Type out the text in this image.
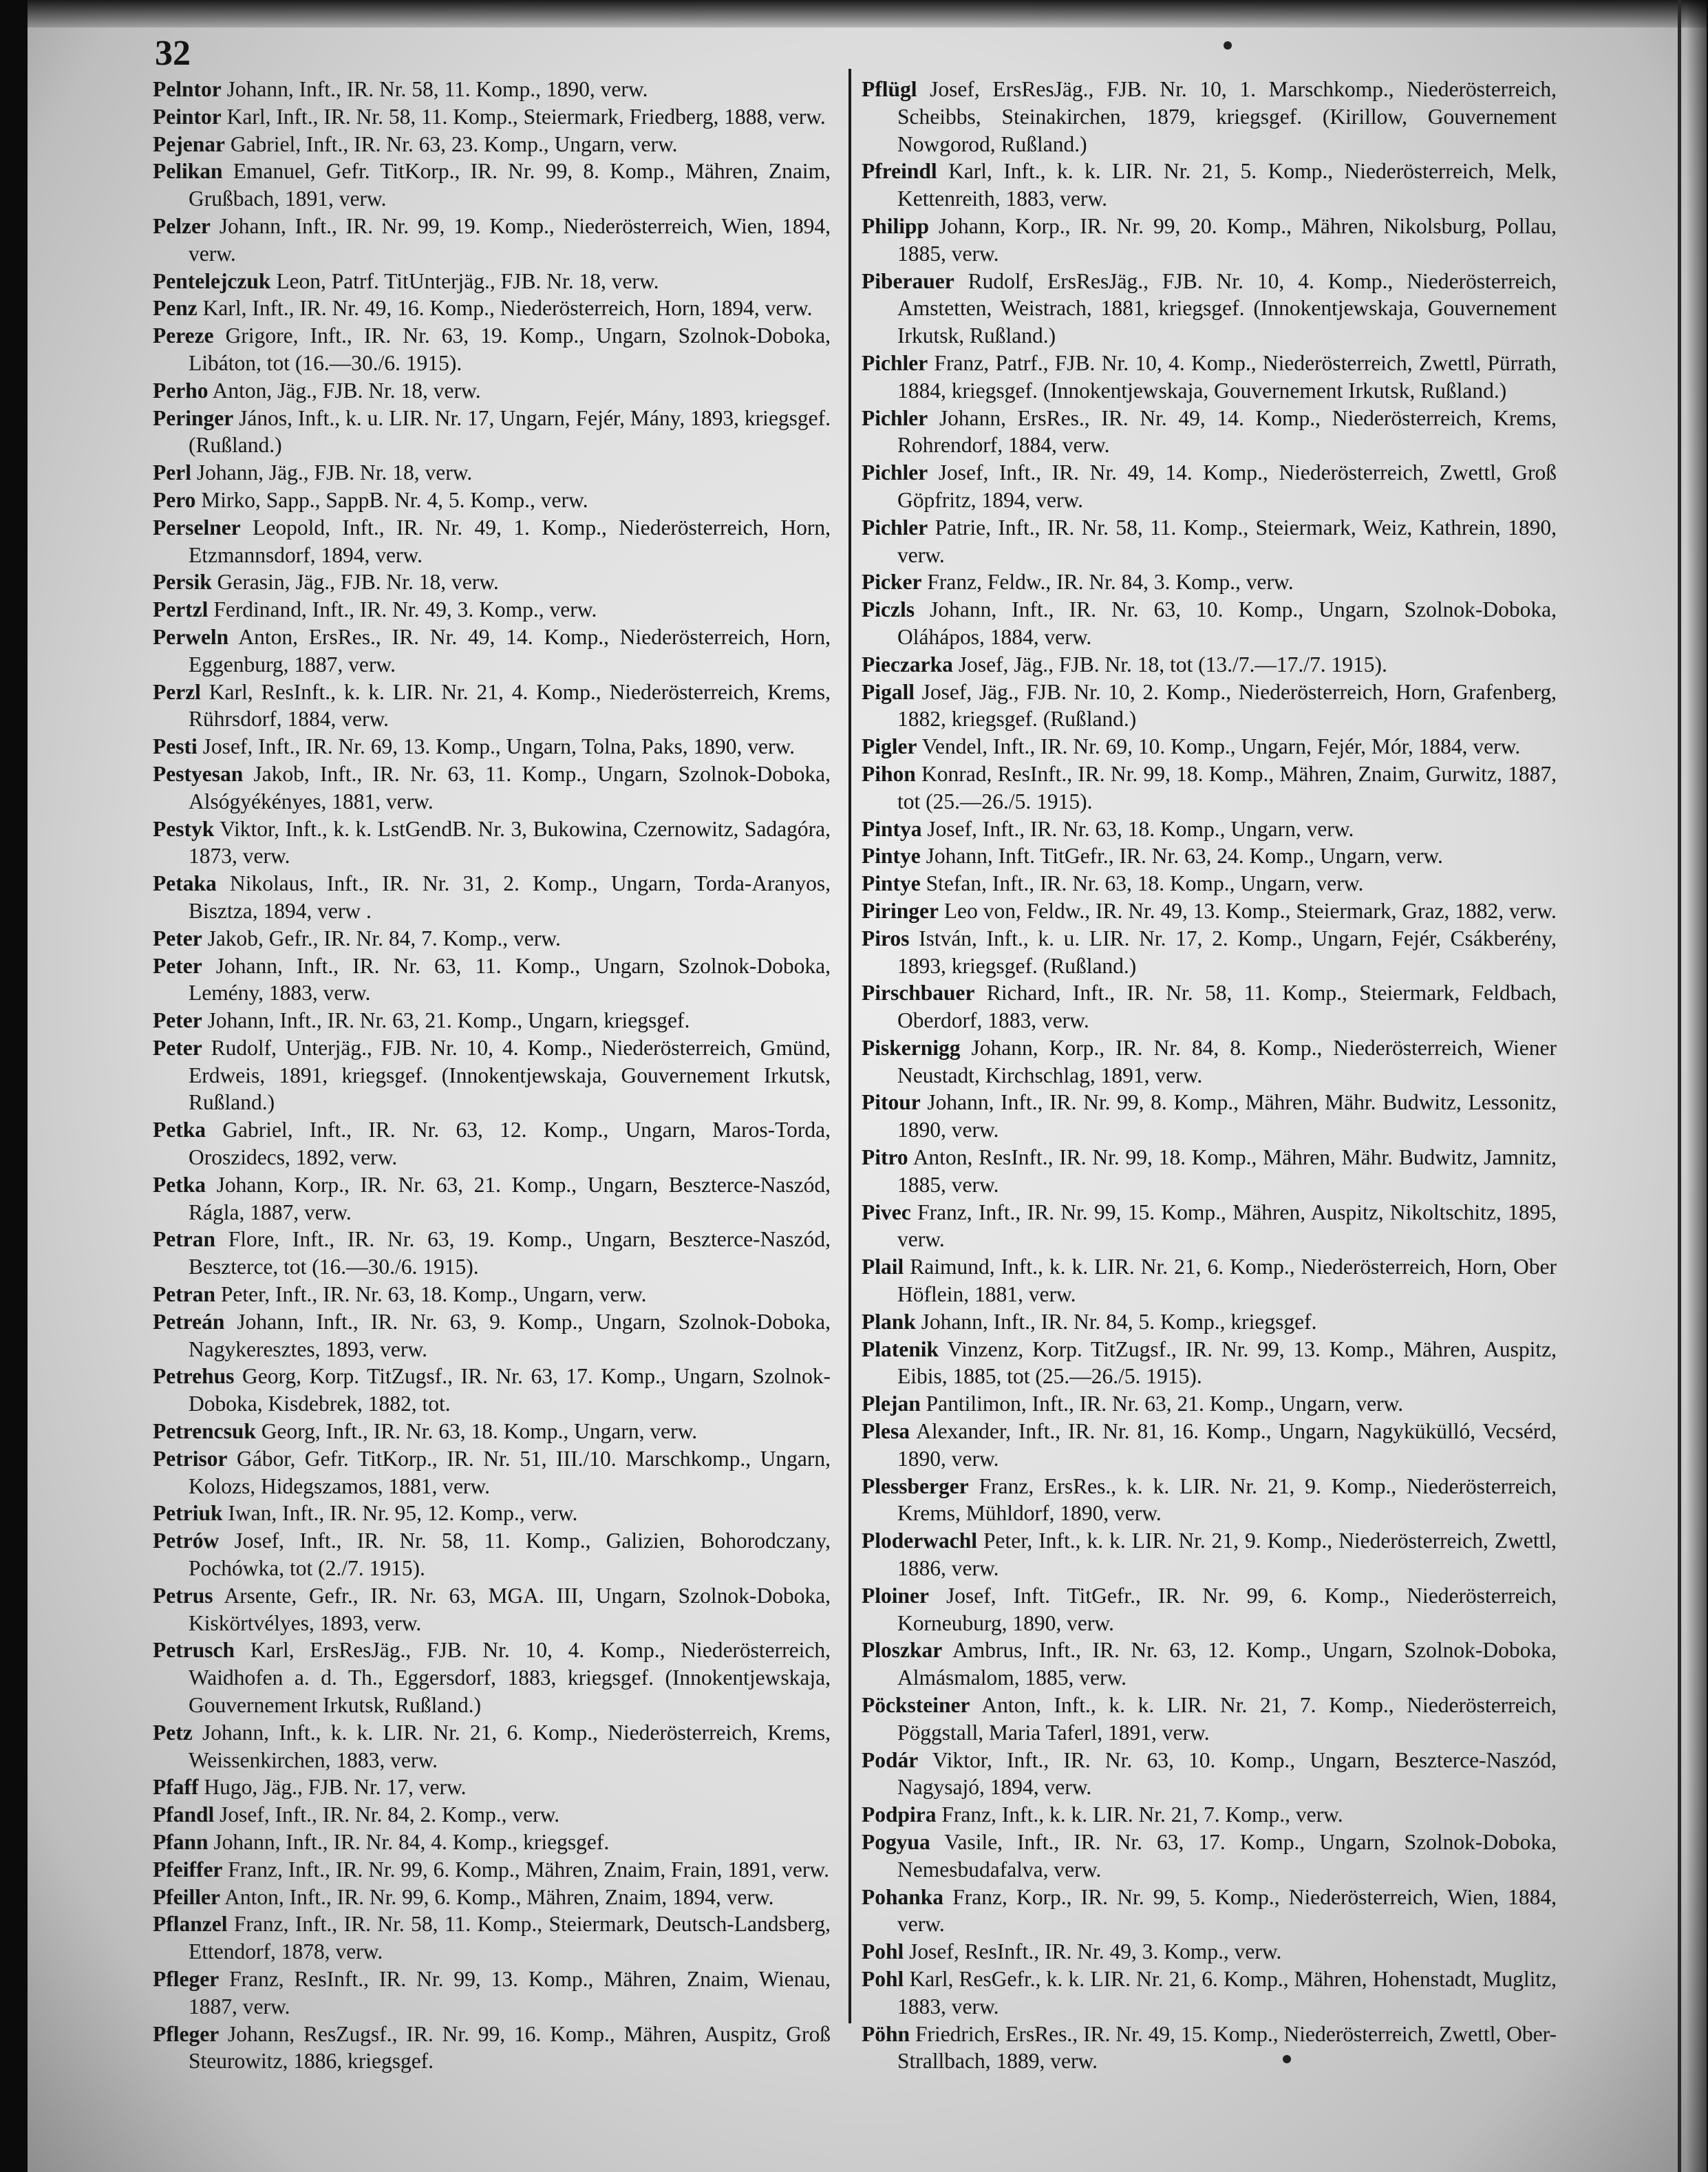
32

Pelntor Johann, Inft., IR. Nr. 58, 11. Komp., 1890, verw.

Peintor Karl, Inft., IR. Nr. 58, 11. Komp., Steiermark, Friedberg, 1888, verw.

Pejenar Gabriel, Inft., IR. Nr. 63, 23. Komp., Ungarn, verw.

Pelikan Emanuel, Gefr. TitKorp., IR. Nr. 99, 8. Komp., Mähren, Znaim, Grußbach, 1891, verw.

Pelzer Johann, Inft., IR. Nr. 99, 19. Komp., Niederösterreich, Wien, 1894, verw.

Pentelejczuk Leon, Patrf. TitUnterjäg., FJB. Nr. 18, verw.

Penz Karl, Inft., IR. Nr. 49, 16. Komp., Niederösterreich, Horn, 1894, verw.

Pereze Grigore, Inft., IR. Nr. 63, 19. Komp., Ungarn, Szolnok-Doboka, Libáton, tot (16.—30./6. 1915).

Perho Anton, Jäg., FJB. Nr. 18, verw.

Peringer János, Inft., k. u. LIR. Nr. 17, Ungarn, Fejér, Mány, 1893, kriegsgef. (Rußland.)

Perl Johann, Jäg., FJB. Nr. 18, verw.

Pero Mirko, Sapp., SappB. Nr. 4, 5. Komp., verw.

Perselner Leopold, Inft., IR. Nr. 49, 1. Komp., Niederösterreich, Horn, Etzmannsdorf, 1894, verw.

Persik Gerasin, Jäg., FJB. Nr. 18, verw.

Pertzl Ferdinand, Inft., IR. Nr. 49, 3. Komp., verw.

Perweln Anton, ErsRes., IR. Nr. 49, 14. Komp., Niederösterreich, Horn, Eggenburg, 1887, verw.

Perzl Karl, ResInft., k. k. LIR. Nr. 21, 4. Komp., Niederösterreich, Krems, Rührsdorf, 1884, verw.

Pesti Josef, Inft., IR. Nr. 69, 13. Komp., Ungarn, Tolna, Paks, 1890, verw.

Pestyesan Jakob, Inft., IR. Nr. 63, 11. Komp., Ungarn, Szolnok-Doboka, Alsógyékényes, 1881, verw.

Pestyk Viktor, Inft., k. k. LstGendB. Nr. 3, Bukowina, Czernowitz, Sadagóra, 1873, verw.

Petaka Nikolaus, Inft., IR. Nr. 31, 2. Komp., Ungarn, Torda-Aranyos, Bisztza, 1894, verw .

Peter Jakob, Gefr., IR. Nr. 84, 7. Komp., verw.

Peter Johann, Inft., IR. Nr. 63, 11. Komp., Ungarn, Szolnok-Doboka, Lemény, 1883, verw.

Peter Johann, Inft., IR. Nr. 63, 21. Komp., Ungarn, kriegsgef.

Peter Rudolf, Unterjäg., FJB. Nr. 10, 4. Komp., Niederösterreich, Gmünd, Erdweis, 1891, kriegsgef. (Innokentjewskaja, Gouvernement Irkutsk, Rußland.)

Petka Gabriel, Inft., IR. Nr. 63, 12. Komp., Ungarn, Maros-Torda, Oroszidecs, 1892, verw.

Petka Johann, Korp., IR. Nr. 63, 21. Komp., Ungarn, Beszterce-Naszód, Rágla, 1887, verw.

Petran Flore, Inft., IR. Nr. 63, 19. Komp., Ungarn, Beszterce-Naszód, Beszterce, tot (16.—30./6. 1915).

Petran Peter, Inft., IR. Nr. 63, 18. Komp., Ungarn, verw.

Petreán Johann, Inft., IR. Nr. 63, 9. Komp., Ungarn, Szolnok-Doboka, Nagykeresztes, 1893, verw.

Petrehus Georg, Korp. TitZugsf., IR. Nr. 63, 17. Komp., Ungarn, Szolnok-Doboka, Kisdebrek, 1882, tot.

Petrencsuk Georg, Inft., IR. Nr. 63, 18. Komp., Ungarn, verw.

Petrisor Gábor, Gefr. TitKorp., IR. Nr. 51, III./10. Marschkomp., Ungarn, Kolozs, Hidegszamos, 1881, verw.

Petriuk Iwan, Inft., IR. Nr. 95, 12. Komp., verw.

Petrów Josef, Inft., IR. Nr. 58, 11. Komp., Galizien, Bohorodczany, Pochówka, tot (2./7. 1915).

Petrus Arsente, Gefr., IR. Nr. 63, MGA. III, Ungarn, Szolnok-Doboka, Kiskörtvélyes, 1893, verw.

Petrusch Karl, ErsResJäg., FJB. Nr. 10, 4. Komp., Niederösterreich, Waidhofen a. d. Th., Eggersdorf, 1883, kriegsgef. (Innokentjewskaja, Gouvernement Irkutsk, Rußland.)

Petz Johann, Inft., k. k. LIR. Nr. 21, 6. Komp., Niederösterreich, Krems, Weissenkirchen, 1883, verw.

Pfaff Hugo, Jäg., FJB. Nr. 17, verw.

Pfandl Josef, Inft., IR. Nr. 84, 2. Komp., verw.

Pfann Johann, Inft., IR. Nr. 84, 4. Komp., kriegsgef.

Pfeiffer Franz, Inft., IR. Nr. 99, 6. Komp., Mähren, Znaim, Frain, 1891, verw.

Pfeiller Anton, Inft., IR. Nr. 99, 6. Komp., Mähren, Znaim, 1894, verw.

Pflanzel Franz, Inft., IR. Nr. 58, 11. Komp., Steiermark, Deutsch-Landsberg, Ettendorf, 1878, verw.

Pfleger Franz, ResInft., IR. Nr. 99, 13. Komp., Mähren, Znaim, Wienau, 1887, verw.

Pfleger Johann, ResZugsf., IR. Nr. 99, 16. Komp., Mähren, Auspitz, Groß Steurowitz, 1886, kriegsgef.

Pflügl Josef, ErsResJäg., FJB. Nr. 10, 1. Marschkomp., Niederösterreich, Scheibbs, Steinakirchen, 1879, kriegsgef. (Kirillow, Gouvernement Nowgorod, Rußland.)

Pfreindl Karl, Inft., k. k. LIR. Nr. 21, 5. Komp., Niederösterreich, Melk, Kettenreith, 1883, verw.

Philipp Johann, Korp., IR. Nr. 99, 20. Komp., Mähren, Nikolsburg, Pollau, 1885, verw.

Piberauer Rudolf, ErsResJäg., FJB. Nr. 10, 4. Komp., Niederösterreich, Amstetten, Weistrach, 1881, kriegsgef. (Innokentjewskaja, Gouvernement Irkutsk, Rußland.)

Pichler Franz, Patrf., FJB. Nr. 10, 4. Komp., Niederösterreich, Zwettl, Pürrath, 1884, kriegsgef. (Innokentjewskaja, Gouvernement Irkutsk, Rußland.)

Pichler Johann, ErsRes., IR. Nr. 49, 14. Komp., Niederösterreich, Krems, Rohrendorf, 1884, verw.

Pichler Josef, Inft., IR. Nr. 49, 14. Komp., Niederösterreich, Zwettl, Groß Göpfritz, 1894, verw.

Pichler Patrie, Inft., IR. Nr. 58, 11. Komp., Steiermark, Weiz, Kathrein, 1890, verw.

Picker Franz, Feldw., IR. Nr. 84, 3. Komp., verw.

Piczls Johann, Inft., IR. Nr. 63, 10. Komp., Ungarn, Szolnok-Doboka, Oláhápos, 1884, verw.

Pieczarka Josef, Jäg., FJB. Nr. 18, tot (13./7.—17./7. 1915).

Pigall Josef, Jäg., FJB. Nr. 10, 2. Komp., Niederösterreich, Horn, Grafenberg, 1882, kriegsgef. (Rußland.)

Pigler Vendel, Inft., IR. Nr. 69, 10. Komp., Ungarn, Fejér, Mór, 1884, verw.

Pihon Konrad, ResInft., IR. Nr. 99, 18. Komp., Mähren, Znaim, Gurwitz, 1887, tot (25.—26./5. 1915).

Pintya Josef, Inft., IR. Nr. 63, 18. Komp., Ungarn, verw.

Pintye Johann, Inft. TitGefr., IR. Nr. 63, 24. Komp., Ungarn, verw.

Pintye Stefan, Inft., IR. Nr. 63, 18. Komp., Ungarn, verw.

Piringer Leo von, Feldw., IR. Nr. 49, 13. Komp., Steiermark, Graz, 1882, verw.

Piros István, Inft., k. u. LIR. Nr. 17, 2. Komp., Ungarn, Fejér, Csákberény, 1893, kriegsgef. (Rußland.)

Pirschbauer Richard, Inft., IR. Nr. 58, 11. Komp., Steiermark, Feldbach, Oberdorf, 1883, verw.

Piskernigg Johann, Korp., IR. Nr. 84, 8. Komp., Niederösterreich, Wiener Neustadt, Kirchschlag, 1891, verw.

Pitour Johann, Inft., IR. Nr. 99, 8. Komp., Mähren, Mähr. Budwitz, Lessonitz, 1890, verw.

Pitro Anton, ResInft., IR. Nr. 99, 18. Komp., Mähren, Mähr. Budwitz, Jamnitz, 1885, verw.

Pivec Franz, Inft., IR. Nr. 99, 15. Komp., Mähren, Auspitz, Nikoltschitz, 1895, verw.

Plail Raimund, Inft., k. k. LIR. Nr. 21, 6. Komp., Niederösterreich, Horn, Ober Höflein, 1881, verw.

Plank Johann, Inft., IR. Nr. 84, 5. Komp., kriegsgef.

Platenik Vinzenz, Korp. TitZugsf., IR. Nr. 99, 13. Komp., Mähren, Auspitz, Eibis, 1885, tot (25.—26./5. 1915).

Plejan Pantilimon, Inft., IR. Nr. 63, 21. Komp., Ungarn, verw.

Plesa Alexander, Inft., IR. Nr. 81, 16. Komp., Ungarn, Nagykükülló, Vecsérd, 1890, verw.

Plessberger Franz, ErsRes., k. k. LIR. Nr. 21, 9. Komp., Niederösterreich, Krems, Mühldorf, 1890, verw.

Ploderwachl Peter, Inft., k. k. LIR. Nr. 21, 9. Komp., Niederösterreich, Zwettl, 1886, verw.

Ploiner Josef, Inft. TitGefr., IR. Nr. 99, 6. Komp., Niederösterreich, Korneuburg, 1890, verw.

Ploszkar Ambrus, Inft., IR. Nr. 63, 12. Komp., Ungarn, Szolnok-Doboka, Almásmalom, 1885, verw.

Pöcksteiner Anton, Inft., k. k. LIR. Nr. 21, 7. Komp., Niederösterreich, Pöggstall, Maria Taferl, 1891, verw.

Podár Viktor, Inft., IR. Nr. 63, 10. Komp., Ungarn, Beszterce-Naszód, Nagysajó, 1894, verw.

Podpira Franz, Inft., k. k. LIR. Nr. 21, 7. Komp., verw.

Pogyua Vasile, Inft., IR. Nr. 63, 17. Komp., Ungarn, Szolnok-Doboka, Nemesbudafalva, verw.

Pohanka Franz, Korp., IR. Nr. 99, 5. Komp., Niederösterreich, Wien, 1884, verw.

Pohl Josef, ResInft., IR. Nr. 49, 3. Komp., verw.

Pohl Karl, ResGefr., k. k. LIR. Nr. 21, 6. Komp., Mähren, Hohenstadt, Muglitz, 1883, verw.

Pöhn Friedrich, ErsRes., IR. Nr. 49, 15. Komp., Niederösterreich, Zwettl, Ober-Strallbach, 1889, verw.
